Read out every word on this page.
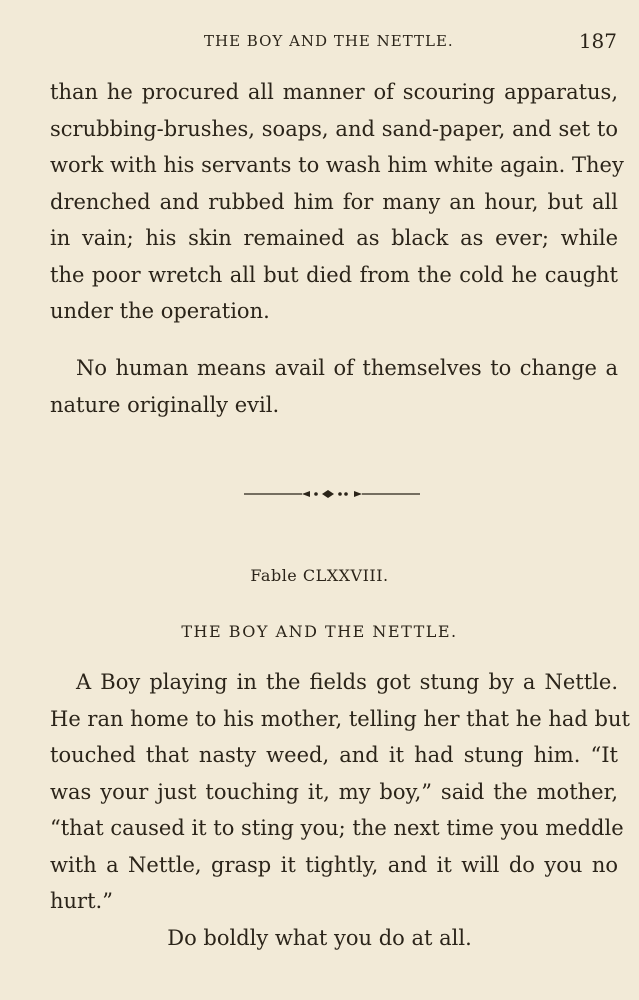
THE BOY AND THE NETTLE.	187

than he procured all manner of scouring apparatus,
scrubbing-brushes, soaps, and sand-paper, and set to
work with his servants to wash him white again. They
drenched and rubbed him for many an hour, but all
in vain; his skin remained as black as ever; while
the poor wretch all but died from the cold he caught
under the operation.

No human means avail of themselves to change a
nature originally evil.

Fable CLXXVIII.
THE BOY AND THE NETTLE.

A Boy playing in the fields got stung by a Nettle.
He ran home to his mother, telling her that he had but
touched that nasty weed, and it had stung him. “It
was your just touching it, my boy,” said the mother,
“that caused it to sting you; the next time you meddle
with a Nettle, grasp it tightly, and it will do you no
hurt.”

Do boldly what you do at all.
